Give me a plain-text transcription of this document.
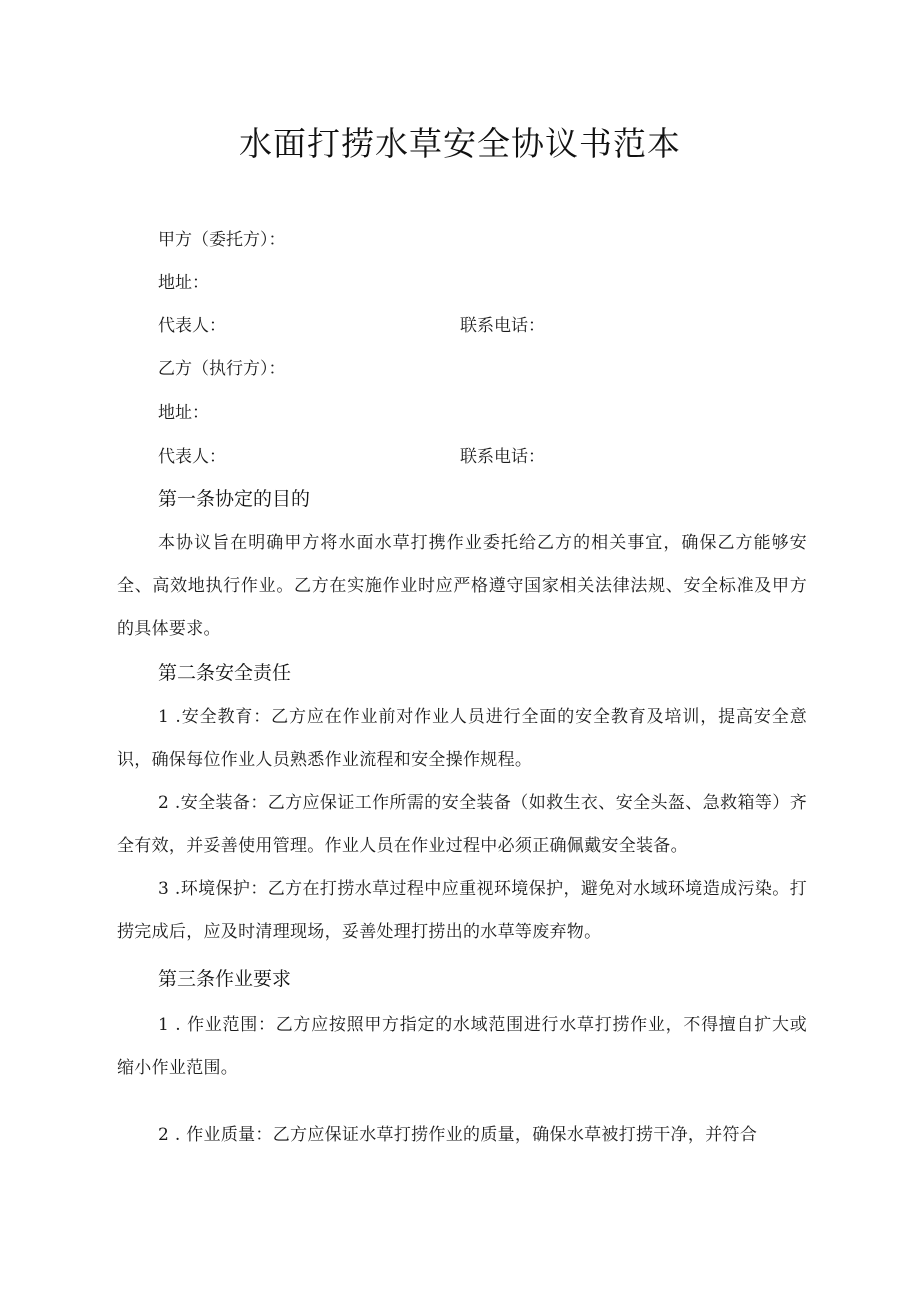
水面打捞水草安全协议书范本
甲方（委托方）：
地址：
代表人：	联系电话：
乙方（执行方）：
地址：
代表人：	联系电话：
第一条协定的目的
本协议旨在明确甲方将水面水草打携作业委托给乙方的相关事宜，确保乙方能够安全、高效地执行作业。乙方在实施作业时应严格遵守国家相关法律法规、安全标准及甲方的具体要求。
第二条安全责任
1 .安全教育：乙方应在作业前对作业人员进行全面的安全教育及培训，提高安全意识，确保每位作业人员熟悉作业流程和安全操作规程。
2 .安全装备：乙方应保证工作所需的安全装备（如救生衣、安全头盔、急救箱等）齐全有效，并妥善使用管理。作业人员在作业过程中必须正确佩戴安全装备。
3 .环境保护：乙方在打捞水草过程中应重视环境保护，避免对水域环境造成污染。打捞完成后，应及时清理现场，妥善处理打捞出的水草等废弃物。
第三条作业要求
1 . 作业范围：乙方应按照甲方指定的水域范围进行水草打捞作业，不得擅自扩大或缩小作业范围。
2 . 作业质量：乙方应保证水草打捞作业的质量，确保水草被打捞干净，并符合
